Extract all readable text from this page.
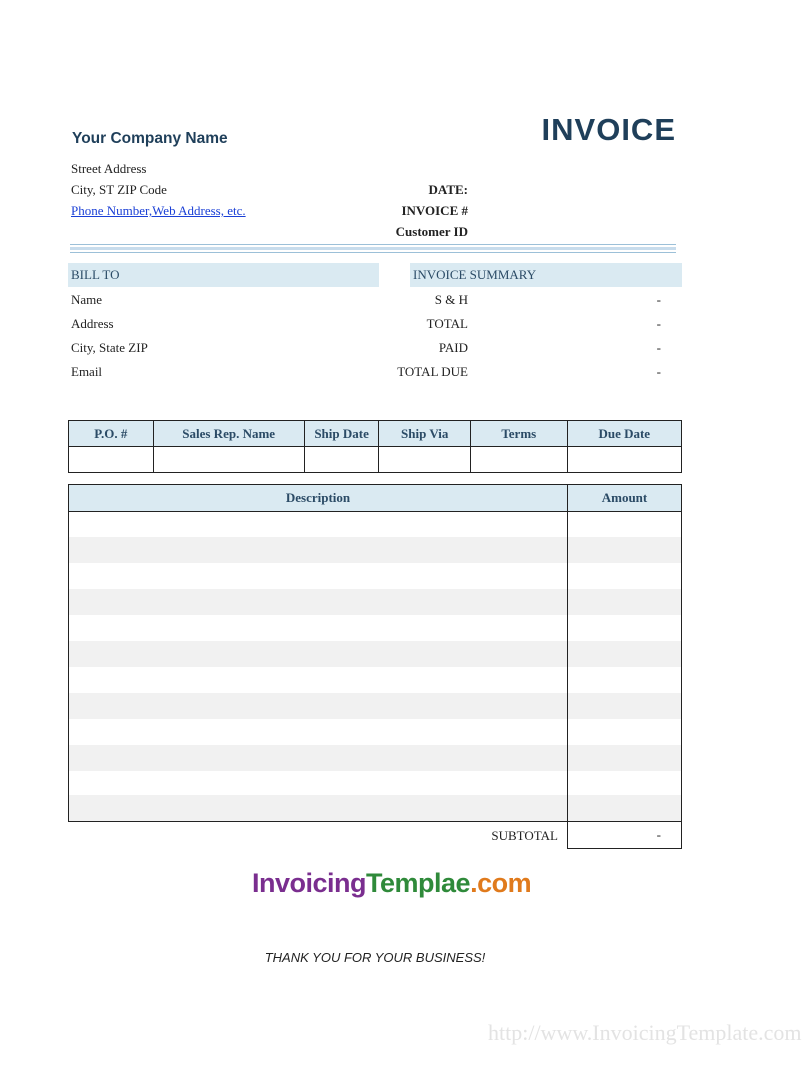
Your Company Name	INVOICE
Street Address
City, ST ZIP Code
Phone Number,Web Address, etc.
DATE:
INVOICE #
Customer ID
BILL TO	INVOICE SUMMARY
Name
Address
City, State ZIP
Email
S & H	-
TOTAL	-
PAID	-
TOTAL DUE	-
P.O. #	Sales Rep. Name	Ship Date	Ship Via	Terms	Due Date

Description	Amount
SUBTOTAL	-
InvoicingTemplae.com
THANK YOU FOR YOUR BUSINESS!
http://www.InvoicingTemplate.com
